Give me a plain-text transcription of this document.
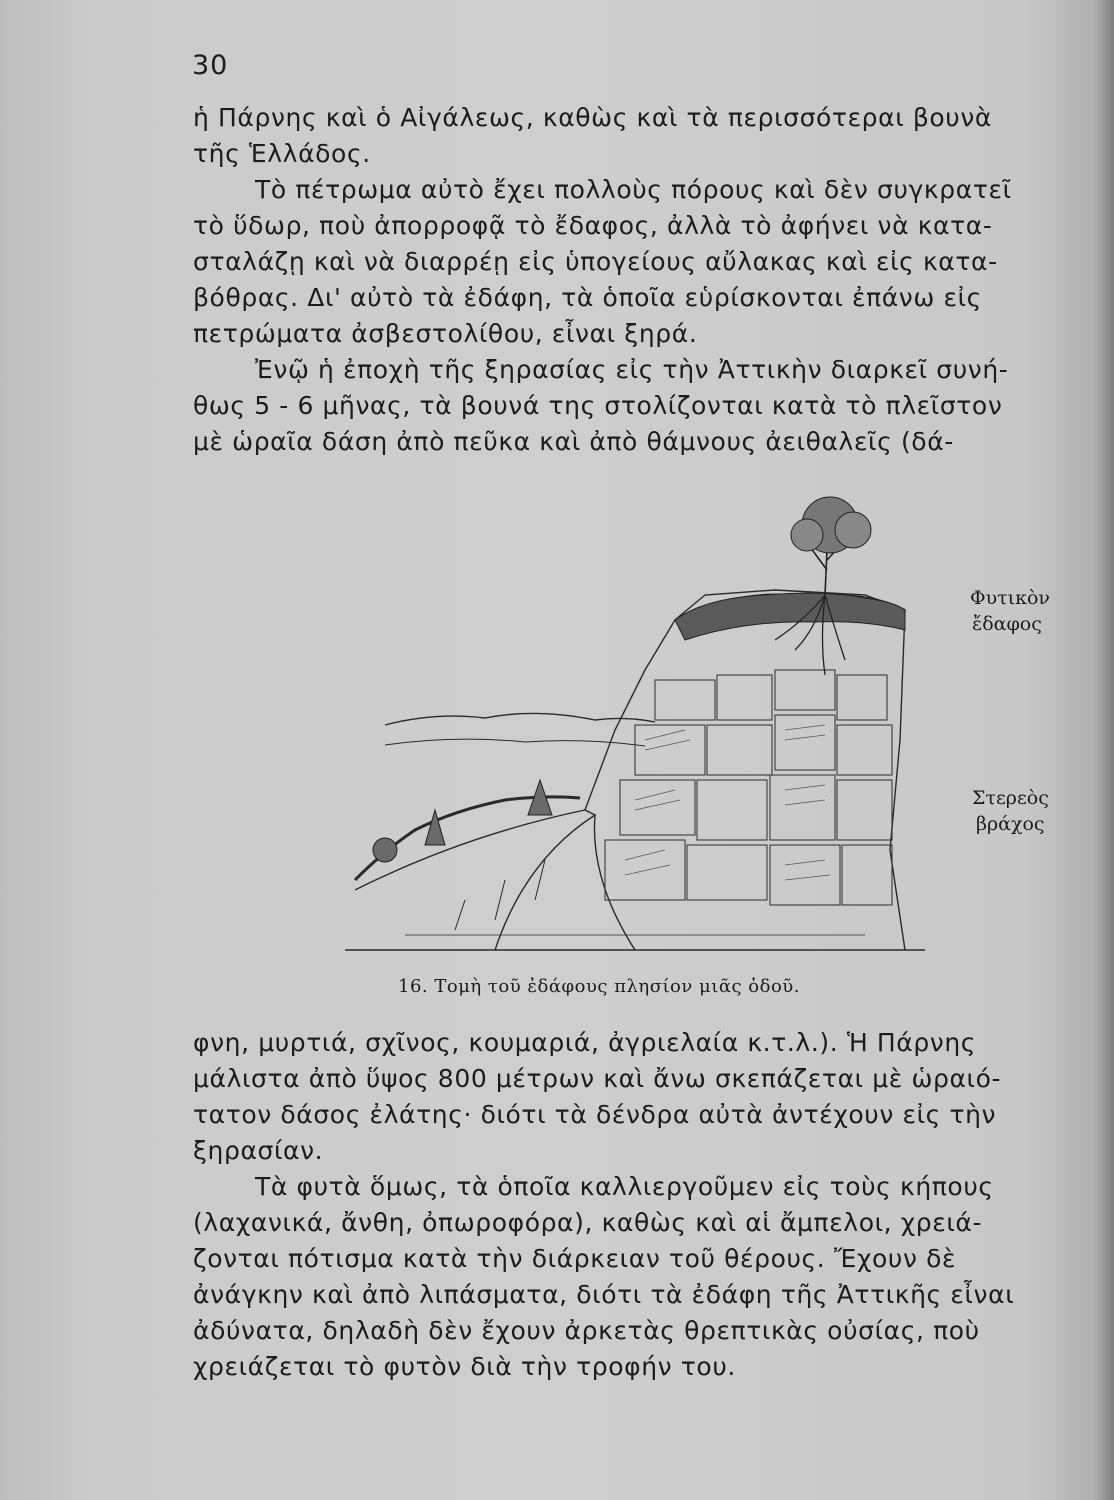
30
ἡ Πάρνης καὶ ὁ Αἰγάλεως, καθὼς καὶ τὰ περισσότεραι βουνὰ
τῆς Ἑλλάδος.
Τὸ πέτρωμα αὐτὸ ἔχει πολλοὺς πόρους καὶ δὲν συγκρατεῖ
τὸ ὕδωρ, ποὺ ἀπορροφᾷ τὸ ἔδαφος, ἀλλὰ τὸ ἀφήνει νὰ κατα-
σταλάζῃ καὶ νὰ διαρρέῃ εἰς ὑπογείους αὔλακας καὶ εἰς κατα-
βόθρας. Δι' αὐτὸ τὰ ἐδάφη, τὰ ὁποῖα εὑρίσκονται ἐπάνω εἰς
πετρώματα ἀσβεστολίθου, εἶναι ξηρά.
Ἐνῷ ἡ ἐποχὴ τῆς ξηρασίας εἰς τὴν Ἀττικὴν διαρκεῖ συνή-
θως 5 - 6 μῆνας, τὰ βουνά της στολίζονται κατὰ τὸ πλεῖστον
μὲ ὡραῖα δάση ἀπὸ πεῦκα καὶ ἀπὸ θάμνους ἀειθαλεῖς (δά-
Φυτικὸν
ἔδαφος
Στερεὸς
βράχος
16. Τομὴ τοῦ ἐδάφους πλησίον μιᾶς ὁδοῦ.
φνη, μυρτιά, σχῖνος, κουμαριά, ἀγριελαία κ.τ.λ.). Ἡ Πάρνης
μάλιστα ἀπὸ ὕψος 800 μέτρων καὶ ἄνω σκεπάζεται μὲ ὡραιό-
τατον δάσος ἐλάτης· διότι τὰ δένδρα αὐτὰ ἀντέχουν εἰς τὴν
ξηρασίαν.
Τὰ φυτὰ ὅμως, τὰ ὁποῖα καλλιεργοῦμεν εἰς τοὺς κήπους
(λαχανικά, ἄνθη, ὀπωροφόρα), καθὼς καὶ αἱ ἄμπελοι, χρειά-
ζονται πότισμα κατὰ τὴν διάρκειαν τοῦ θέρους. Ἔχουν δὲ
ἀνάγκην καὶ ἀπὸ λιπάσματα, διότι τὰ ἐδάφη τῆς Ἀττικῆς εἶναι
ἀδύνατα, δηλαδὴ δὲν ἔχουν ἀρκετὰς θρεπτικὰς οὐσίας, ποὺ
χρειάζεται τὸ φυτὸν διὰ τὴν τροφήν του.
